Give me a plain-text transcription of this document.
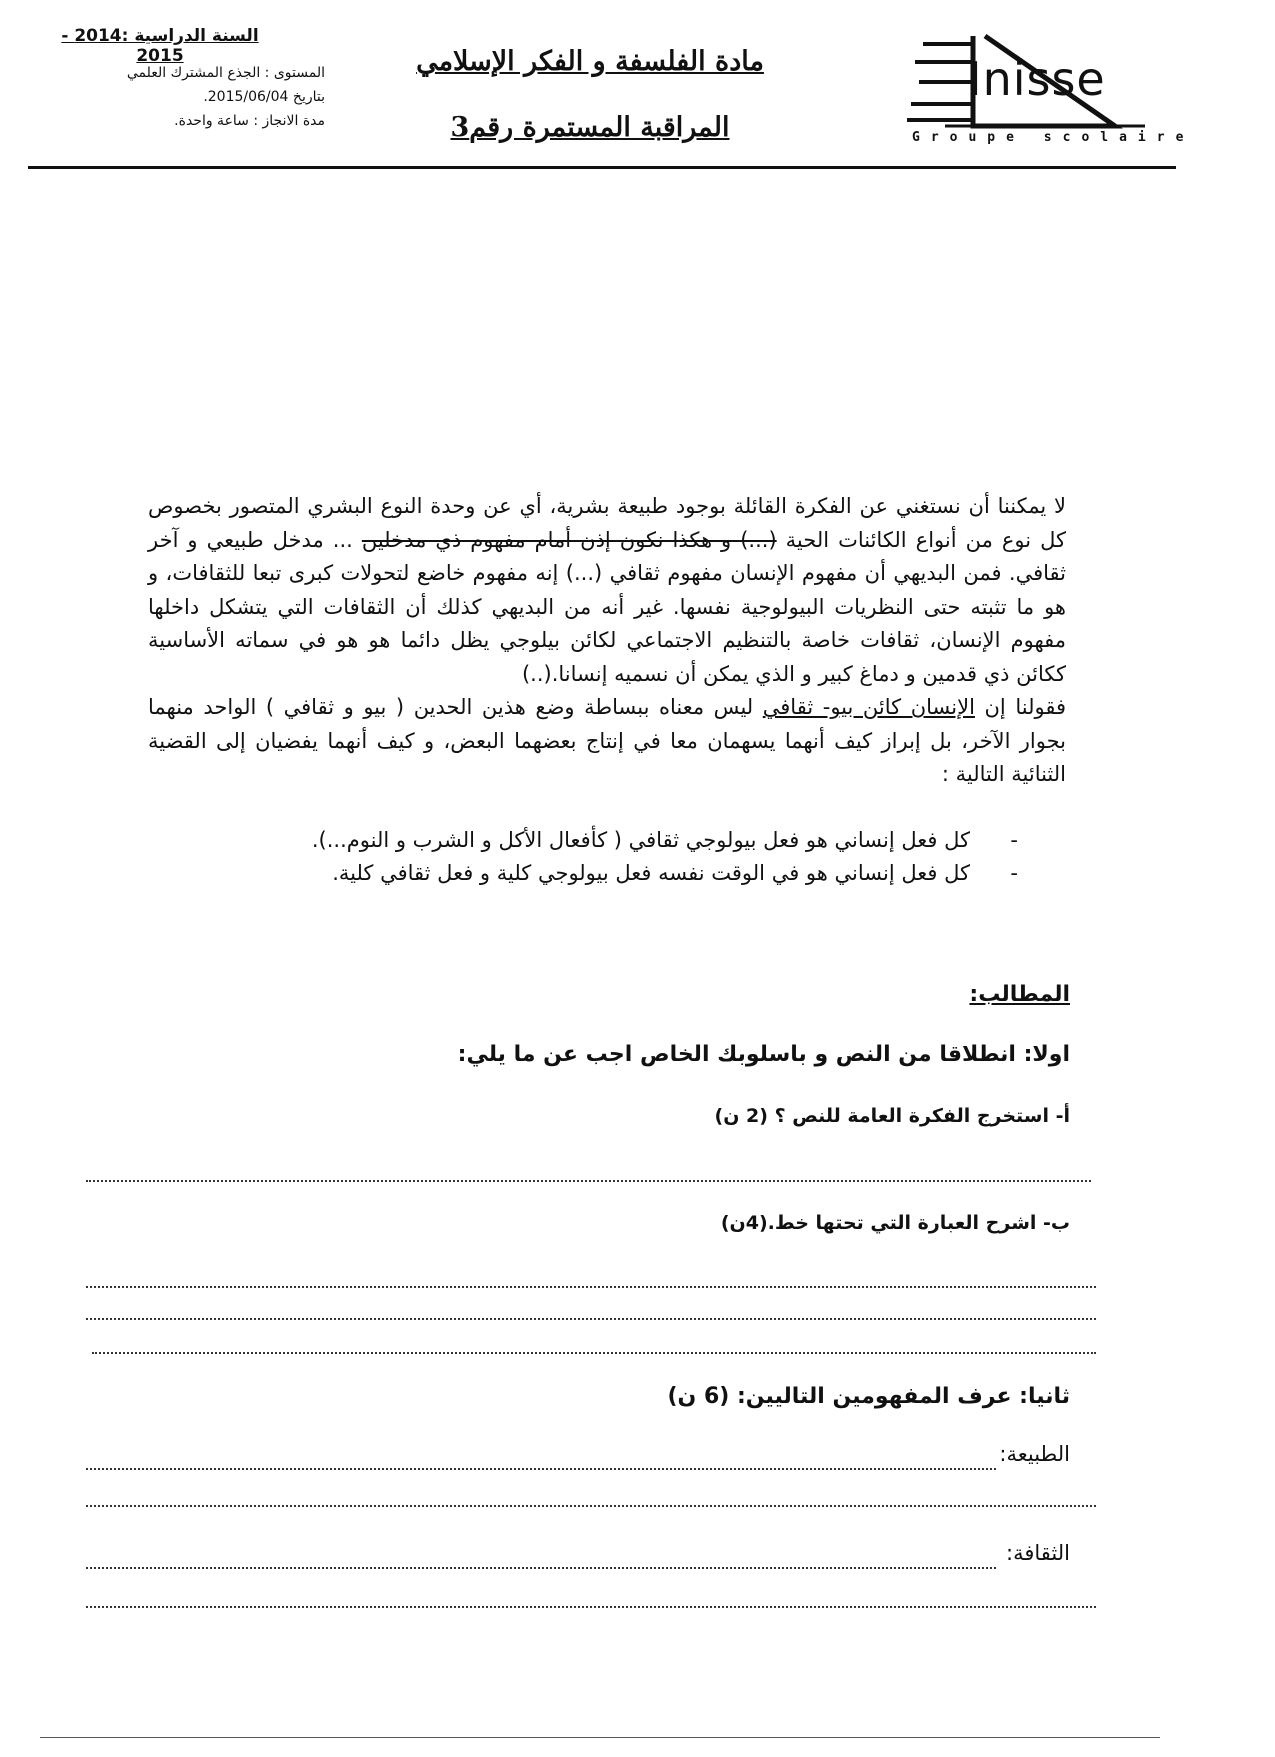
السنة الدراسية :2014 - 2015
المستوى : الجذع المشترك العلمي
بتاريخ 2015/06/04.
مدة الانجاز : ساعة واحدة.
مادة الفلسفة و الفكر الإسلامي
المراقبة المستمرة رقم3
Inisse
Groupe scolaire

لا يمكننا أن نستغني عن الفكرة القائلة بوجود طبيعة بشرية، أي عن وحدة النوع البشري المتصور بخصوص كل نوع من أنواع الكائنات الحية (...) و هكذا نكون إذن أمام مفهوم ذي مدخلين ... مدخل طبيعي و آخر ثقافي. فمن البديهي أن مفهوم الإنسان مفهوم ثقافي (...) إنه مفهوم خاضع لتحولات كبرى تبعا للثقافات، و هو ما تثبته حتى النظريات البيولوجية نفسها. غير أنه من البديهي كذلك أن الثقافات التي يتشكل داخلها مفهوم الإنسان، ثقافات خاصة بالتنظيم الاجتماعي لكائن بيلوجي يظل دائما هو هو في سماته الأساسية ككائن ذي قدمين و دماغ كبير و الذي يمكن أن نسميه إنسانا.(..)

فقولنا إن الإنسان كائن بيو- ثقافي ليس معناه ببساطة وضع هذين الحدين ( بيو و ثقافي ) الواحد منهما بجوار الآخر، بل إبراز كيف أنهما يسهمان معا في إنتاج بعضهما البعض، و كيف أنهما يفضيان إلى القضية الثنائية التالية :

-
كل فعل إنساني هو فعل بيولوجي ثقافي ( كأفعال الأكل و الشرب و النوم...).
-
كل فعل إنساني هو في الوقت نفسه فعل بيولوجي كلية و فعل ثقافي كلية.
المطالب:
اولا: انطلاقا من النص و باسلوبك الخاص اجب عن ما يلي:
أ- استخرج الفكرة العامة للنص ؟ (2 ن)
ب- اشرح العبارة التي تحتها خط.(4ن)
ثانيا: عرف المفهومين التاليين: (6 ن)
الطبيعة:
الثقافة:
